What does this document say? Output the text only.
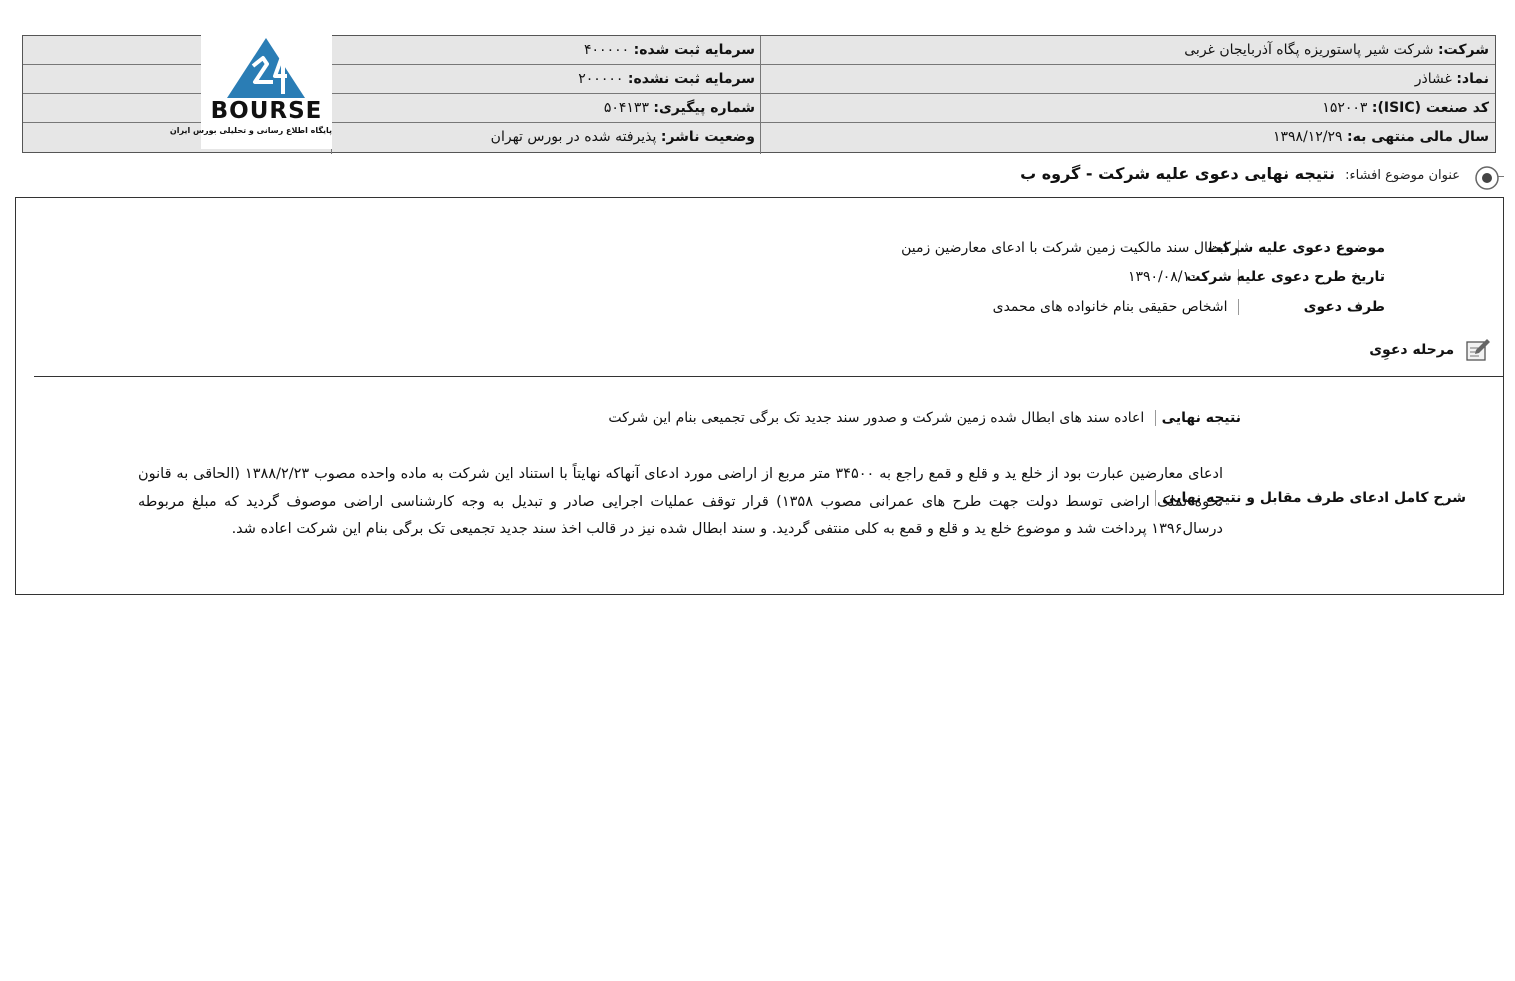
شرکت: شرکت شیر پاستوریزه پگاه آذربایجان غربی
سرمایه ثبت شده: ۴۰۰۰۰۰
نماد: غشاذر
سرمایه ثبت نشده: ۲۰۰۰۰۰
کد صنعت (ISIC): ۱۵۲۰۰۳
شماره پیگیری: ۵۰۴۱۳۳
سال مالی منتهی به: ۱۳۹۸/۱۲/۲۹
وضعیت ناشر: پذیرفته شده در بورس تهران
BOURSE
پایگاه اطلاع رسانی و تحلیلی بورس ایران
عنوان موضوع افشاء: نتیجه نهایی دعوی علیه شرکت - گروه ب
موضوع دعوی علیه شرکت ابطال سند مالکیت زمین شرکت با ادعای معارضین زمین
تاریخ طرح دعوی علیه شرکت ۱۳۹۰/۰۸/۱۰
طرف دعوی اشخاص حقیقی بنام خانواده های محمدی
مرحله دعوِی
نتیجه نهایی اعاده سند های ابطال شده زمین شرکت و صدور سند جدید تک برگی تجمیعی بنام این شرکت
شرح کامل ادعای طرف مقابل و نتیجه نهایی
ادعای معارضین عبارت بود از خلع ید و قلع و قمع راجع به ۳۴۵۰۰ متر مربع از اراضی مورد ادعای آنهاکه نهایتاً با استناد این شرکت به ماده واحده مصوب ۱۳۸۸/۲/۲۳ (الحاقی به قانون نحوه تملک اراضی توسط دولت جهت طرح های عمرانی مصوب ۱۳۵۸) قرار توقف عملیات اجرایی صادر و تبدیل به وجه کارشناسی اراضی موصوف گردید که مبلغ مربوطه درسال۱۳۹۶ پرداخت شد و موضوع خلع ید و قلع و قمع به کلی منتفی گردید. و سند ابطال شده نیز در قالب اخذ سند جدید تجمیعی تک برگی بنام این شرکت اعاده شد.
